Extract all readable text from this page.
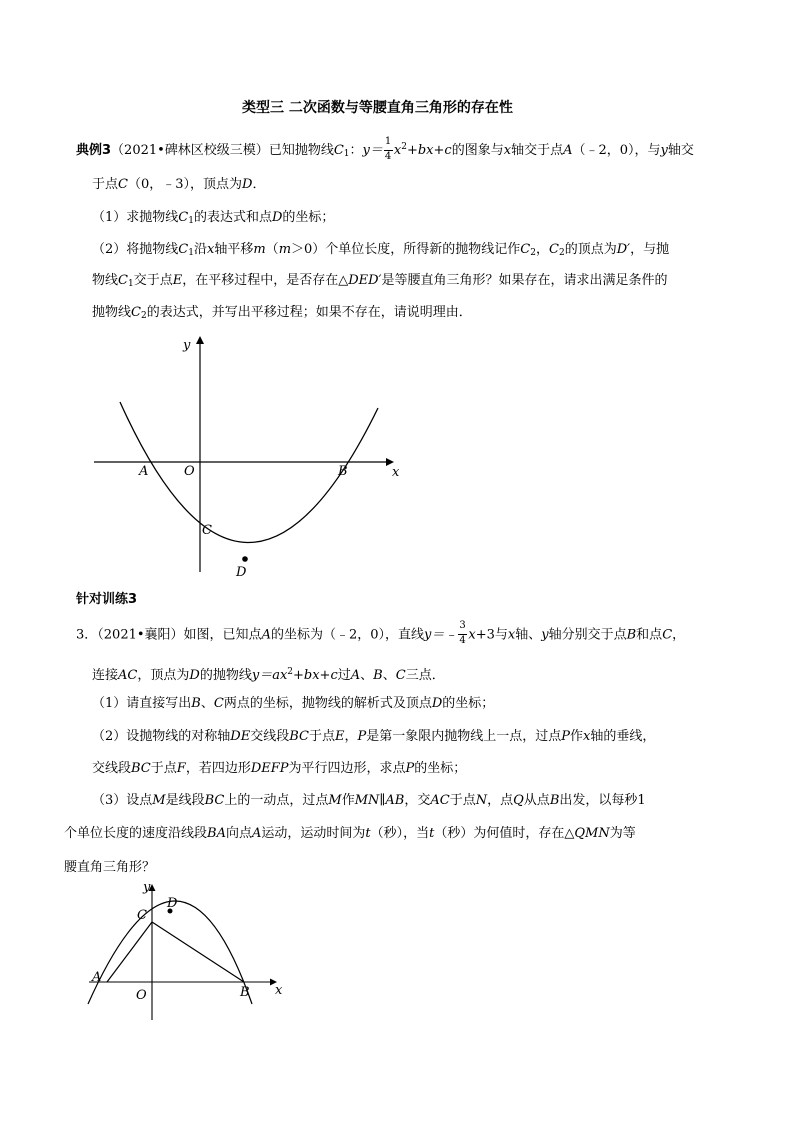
类型三 二次函数与等腰直角三角形的存在性
典例3（2021•碑林区校级三模）已知抛物线$C_1$：$y= \frac{1}{4} x^2+bx+c$的图象与x轴交于点A（﹣2，0），与y轴交
于点C（0，﹣3），顶点为D．
（1）求抛物线$C_1$的表达式和点D的坐标；
（2）将抛物线$C_1$沿x轴平移m（m＞0）个单位长度，所得新的抛物线记作$C_2$，$C_2$的顶点为D′，与抛
物线$C_1$交于点E，在平移过程中，是否存在△DED′是等腰直角三角形？如果存在，请求出满足条件的
抛物线$C_2$的表达式，并写出平移过程；如果不存在，请说明理由．
y
x
A	O	B
C
D
针对训练3
3．（2021•襄阳）如图，已知点A的坐标为（﹣2，0），直线y＝﹣ $\frac{3}{4} x+3$与x轴、y轴分别交于点B和点C，
连接AC，顶点为D的抛物线$y=ax^2+bx+c$过A、B、C三点．
（1）请直接写出B、C两点的坐标，抛物线的解析式及顶点D的坐标；
（2）设抛物线的对称轴DE交线段BC于点E，P是第一象限内抛物线上一点，过点P作x轴的垂线，
交线段BC于点F，若四边形DEFP为平行四边形，求点P的坐标；
（3）设点M是线段BC上的一动点，过点M作MN∥AB，交AC于点N，点Q从点B出发，以每秒1
个单位长度的速度沿线段BA向点A运动，运动时间为t（秒），当t（秒）为何值时，存在△QMN为等
腰直角三角形？
y
x
A
O	B
C
D
